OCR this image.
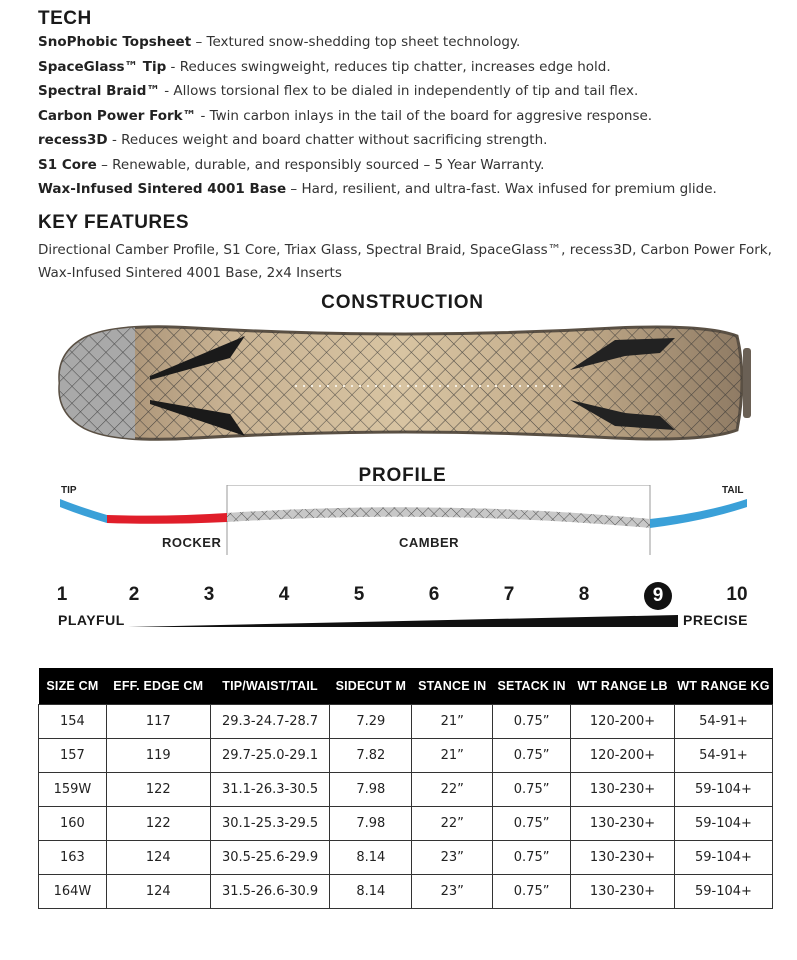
TECH
SnoPhobic Topsheet – Textured snow-shedding top sheet technology.
SpaceGlass™ Tip - Reduces swingweight, reduces tip chatter, increases edge hold.
Spectral Braid™ - Allows torsional flex to be dialed in independently of tip and tail flex.
Carbon Power Fork™ - Twin carbon inlays in the tail of the board for aggresive response.
recess3D - Reduces weight and board chatter without sacrificing strength.
S1 Core – Renewable, durable, and responsibly sourced – 5 Year Warranty.
Wax-Infused Sintered 4001 Base – Hard, resilient, and ultra-fast. Wax infused for premium glide.
KEY FEATURES
Directional Camber Profile, S1 Core, Triax Glass, Spectral Braid, SpaceGlass™, recess3D, Carbon Power Fork, Wax-Infused Sintered 4001 Base, 2x4 Inserts
CONSTRUCTION
PROFILE
TIP	TAIL
ROCKER	CAMBER
1	2	3	4	5	6	7	8	9	10
PLAYFUL	PRECISE
SIZE CM	EFF. EDGE CM	TIP/WAIST/TAIL	SIDECUT M	STANCE IN	SETACK IN	WT RANGE LB	WT RANGE KG
154	117	29.3-24.7-28.7	7.29	21”	0.75”	120-200+	54-91+
157	119	29.7-25.0-29.1	7.82	21”	0.75”	120-200+	54-91+
159W	122	31.1-26.3-30.5	7.98	22”	0.75”	130-230+	59-104+
160	122	30.1-25.3-29.5	7.98	22”	0.75”	130-230+	59-104+
163	124	30.5-25.6-29.9	8.14	23”	0.75”	130-230+	59-104+
164W	124	31.5-26.6-30.9	8.14	23”	0.75”	130-230+	59-104+
